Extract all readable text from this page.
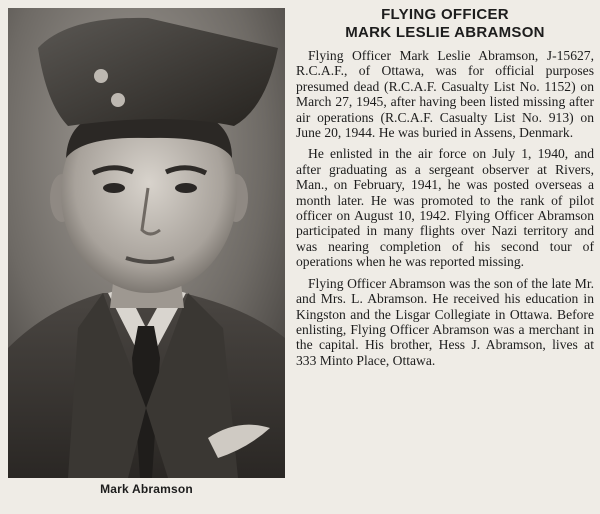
Mark Abramson
FLYING OFFICER
MARK LESLIE ABRAMSON

Flying Officer Mark Leslie Abramson, J-15627, R.C.A.F., of Ottawa, was for official purposes presumed dead (R.C.A.F. Casualty List No. 1152) on March 27, 1945, after having been listed missing after air operations (R.C.A.F. Casualty List No. 913) on June 20, 1944. He was buried in Assens, Denmark.

He enlisted in the air force on July 1, 1940, and after graduating as a sergeant observer at Rivers, Man., on February, 1941, he was posted overseas a month later. He was promoted to the rank of pilot officer on August 10, 1942. Flying Officer Abramson participated in many flights over Nazi territory and was nearing completion of his second tour of operations when he was reported missing.

Flying Officer Abramson was the son of the late Mr. and Mrs. L. Abramson. He received his education in Kingston and the Lisgar Collegiate in Ottawa. Before enlisting, Flying Officer Abramson was a merchant in the capital. His brother, Hess J. Abramson, lives at 333 Minto Place, Ottawa.
